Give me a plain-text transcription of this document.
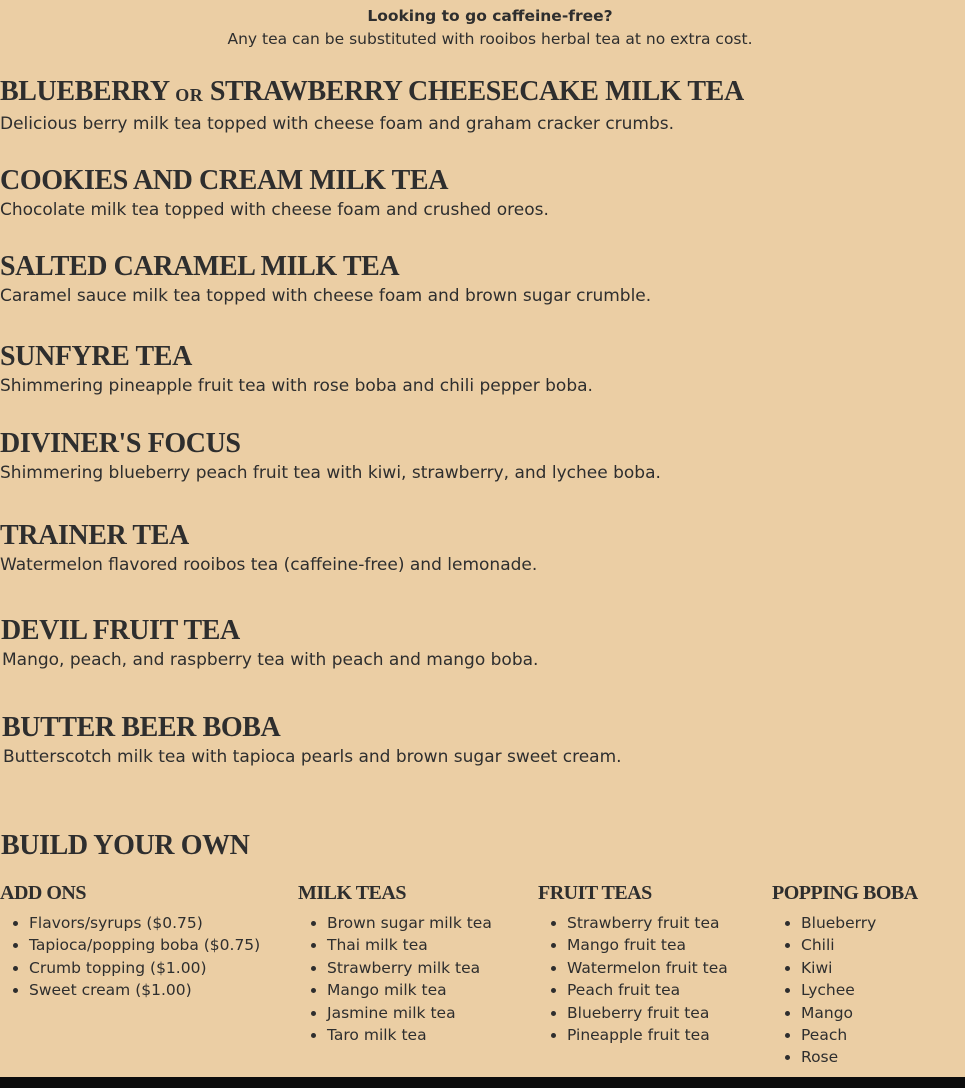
Looking to go caffeine-free?
Any tea can be substituted with rooibos herbal tea at no extra cost.
BLUEBERRY OR STRAWBERRY CHEESECAKE MILK TEA

Delicious berry milk tea topped with cheese foam and graham cracker crumbs.

COOKIES AND CREAM MILK TEA

Chocolate milk tea topped with cheese foam and crushed oreos.

SALTED CARAMEL MILK TEA

Caramel sauce milk tea topped with cheese foam and brown sugar crumble.

SUNFYRE TEA

Shimmering pineapple fruit tea with rose boba and chili pepper boba.

DIVINER'S FOCUS

Shimmering blueberry peach fruit tea with kiwi, strawberry, and lychee boba.

TRAINER TEA

Watermelon flavored rooibos tea (caffeine-free) and lemonade.

DEVIL FRUIT TEA

Mango, peach, and raspberry tea with peach and mango boba.

BUTTER BEER BOBA

Butterscotch milk tea with tapioca pearls and brown sugar sweet cream.

BUILD YOUR OWN
ADD ONS
• Flavors/syrups ($0.75)
• Tapioca/popping boba ($0.75)
• Crumb topping ($1.00)
• Sweet cream ($1.00)
MILK TEAS
• Brown sugar milk tea
• Thai milk tea
• Strawberry milk tea
• Mango milk tea
• Jasmine milk tea
• Taro milk tea
FRUIT TEAS
• Strawberry fruit tea
• Mango fruit tea
• Watermelon fruit tea
• Peach fruit tea
• Blueberry fruit tea
• Pineapple fruit tea
POPPING BOBA
• Blueberry
• Chili
• Kiwi
• Lychee
• Mango
• Peach
• Rose
